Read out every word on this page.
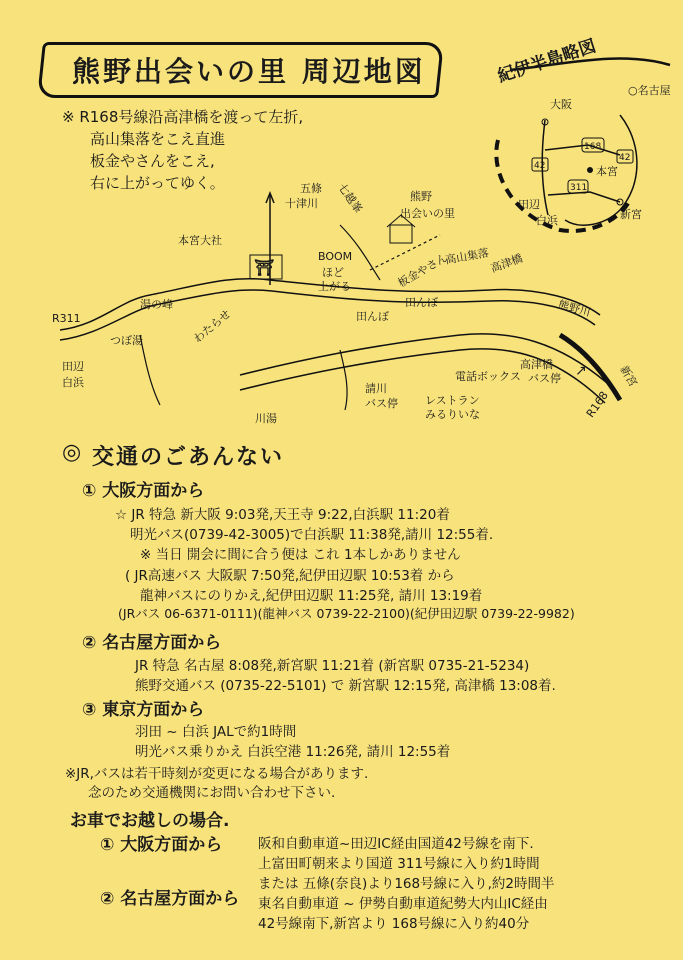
熊野出会いの里 周辺地図
※ R168号線沿高津橋を渡って左折,
高山集落をこえ直進
板金やさんをこえ,
右に上がってゆく。
紀伊半島略図
○名古屋
大阪
田辺
白浜
本宮
新宮
168
311
42
42
⛩
↗
R311
田辺
白浜
本宮大社
五條
十津川 七越峯
BOOM
ほど
上がる
熊野
出会いの里
板金やさん
高山集落
湯の峰
つぼ湯	わたらせ
川湯
田んぼ
田んぼ
高津橋
熊野川
高津橋
バス停
請川
バス停 レストラン
みるりいな
電話ボックス	新宮
R168
◎ 交通のごあんない
① 大阪方面から
☆ JR 特急 新大阪 9:03発,天王寺 9:22,白浜駅 11:20着
明光バス(0739-42-3005)で白浜駅 11:38発,請川 12:55着.
※ 当日 開会に間に合う便は これ 1本しかありません
( JR高速バス 大阪駅 7:50発,紀伊田辺駅 10:53着 から
龍神バスにのりかえ,紀伊田辺駅 11:25発, 請川 13:19着
(JRバス 06-6371-0111)(龍神バス 0739-22-2100)(紀伊田辺駅 0739-22-9982)
② 名古屋方面から
JR 特急 名古屋 8:08発,新宮駅 11:21着 (新宮駅 0735-21-5234)
熊野交通バス (0735-22-5101) で 新宮駅 12:15発, 高津橋 13:08着.
③ 東京方面から
羽田 ~ 白浜 JALで約1時間
明光バス乗りかえ 白浜空港 11:26発, 請川 12:55着
※JR,バスは若干時刻が変更になる場合があります.
念のため交通機関にお問い合わせ下さい.
お車でお越しの場合.
① 大阪方面から	阪和自動車道~田辺IC経由国道42号線を南下.
上富田町朝来より国道 311号線に入り約1時間
または 五條(奈良)より168号線に入り,約2時間半
② 名古屋方面から 東名自動車道 ~ 伊勢自動車道紀勢大内山IC経由
42号線南下,新宮より 168号線に入り約40分
